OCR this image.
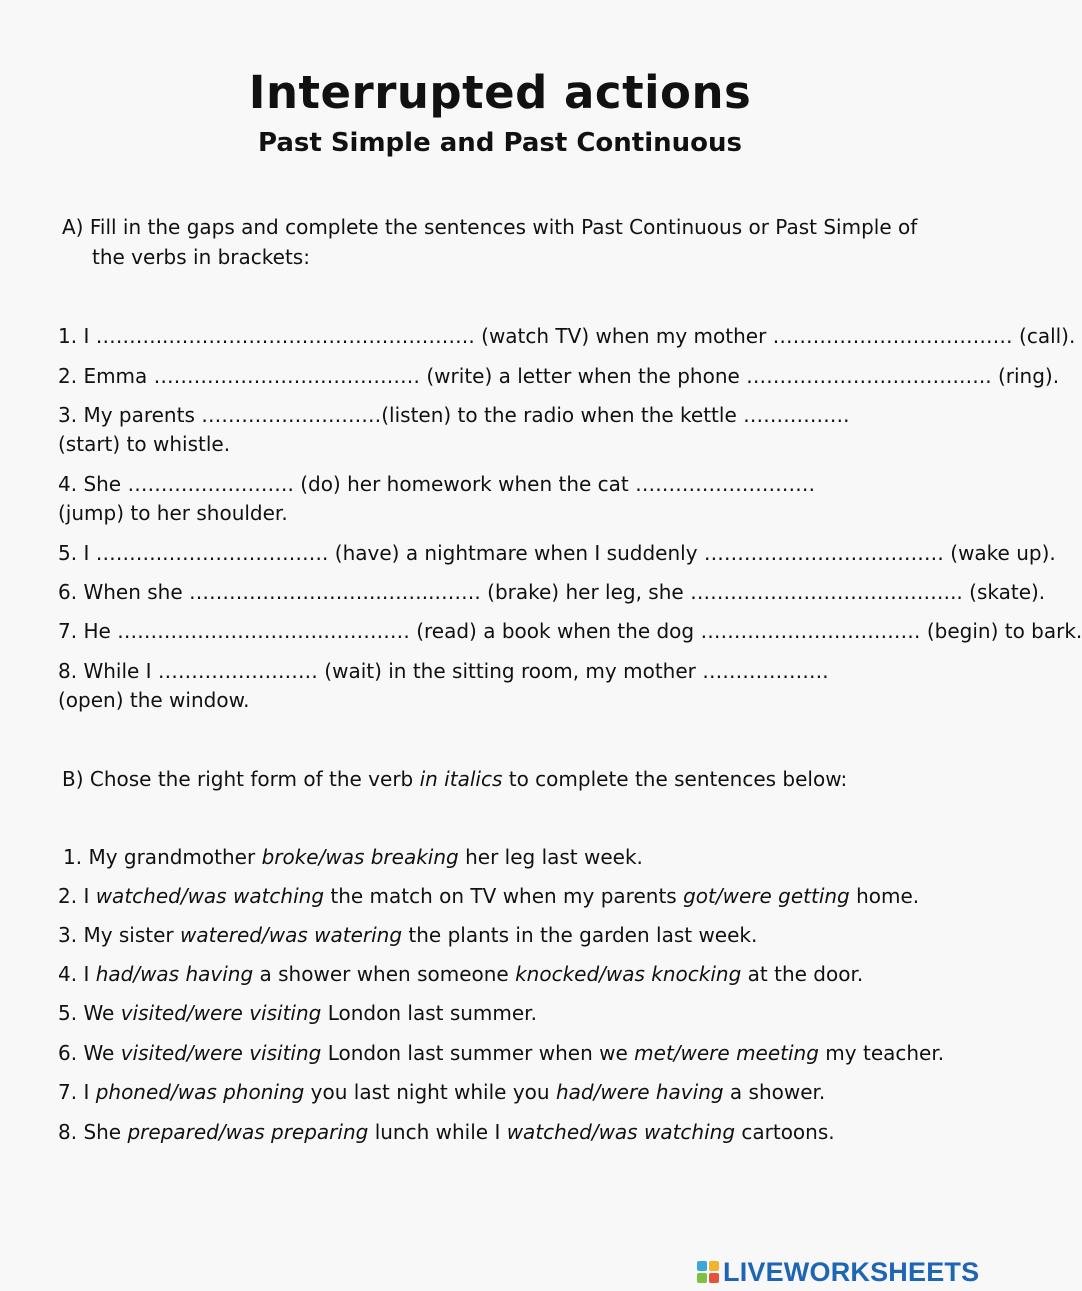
Interrupted actions
Past Simple and Past Continuous
A) Fill in the gaps and complete the sentences with Past Continuous or Past Simple of
the verbs in brackets:
1. I ………..………………………………………. (watch TV) when my mother ……………………………… (call).
2. Emma …………………….…………… (write) a letter when the phone ………………….……….….. (ring).
3. My parents ………………………(listen) to the radio when the kettle ……………. (start) to whistle.
4. She ……………………. (do) her homework when the cat ……………………… (jump) to her shoulder.
5. I ……….……………………. (have) a nightmare when I suddenly ……………………………… (wake up).
6. When she ………………………..……..……. (brake) her leg, she ………………………………….. (skate).
7. He …………………………..………… (read) a book when the dog …………………………… (begin) to bark.
8. While I …………………… (wait) in the sitting room, my mother ………………. (open) the window.
B) Chose the right form of the verb in italics to complete the sentences below:
1. My grandmother broke/was breaking her leg last week.
2. I watched/was watching the match on TV when my parents got/were getting home.
3. My sister watered/was watering the plants in the garden last week.
4. I had/was having a shower when someone knocked/was knocking at the door.
5. We visited/were visiting London last summer.
6. We visited/were visiting London last summer when we met/were meeting my teacher.
7. I phoned/was phoning you last night while you had/were having a shower.
8. She prepared/was preparing lunch while I watched/was watching cartoons.
LIVEWORKSHEETS
